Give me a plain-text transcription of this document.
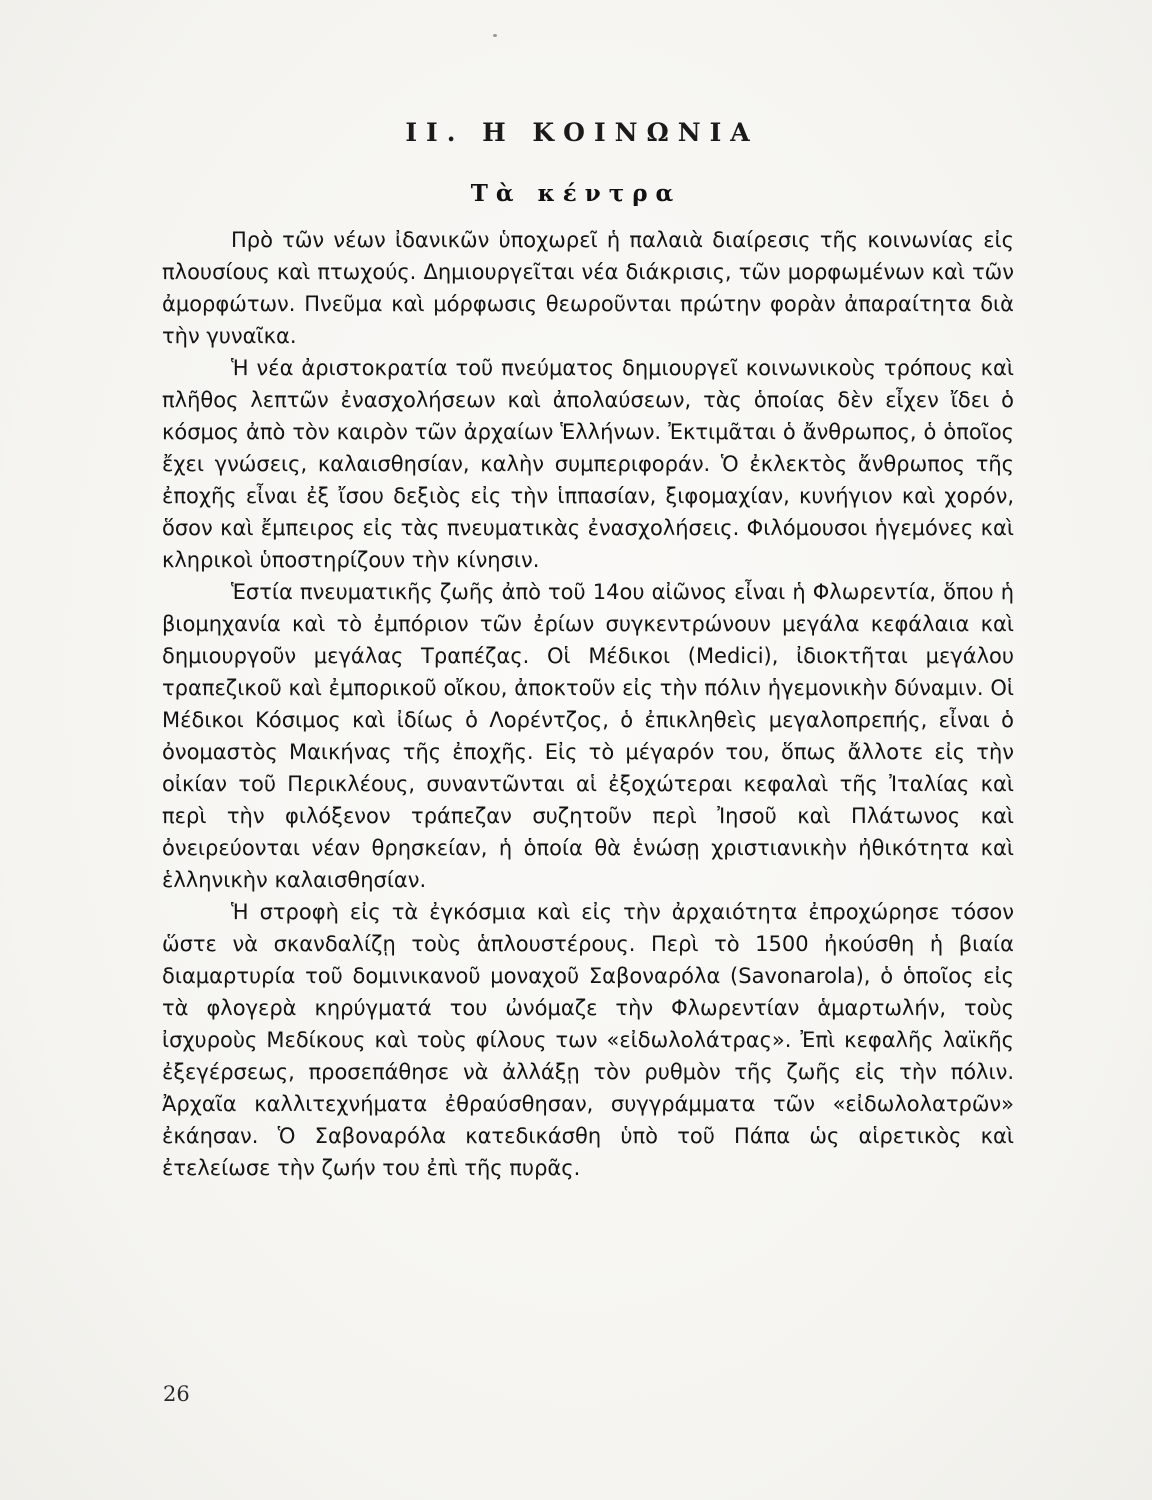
II. Η ΚΟΙΝΩΝΙΑ
Τὰ κέντρα

Πρὸ τῶν νέων ἰδανικῶν ὑποχωρεῖ ἡ παλαιὰ διαίρεσις τῆς κοινωνίας εἰς πλουσίους καὶ πτωχούς. Δημιουργεῖται νέα διάκρισις, τῶν μορφωμένων καὶ τῶν ἀμορφώτων. Πνεῦμα καὶ μόρφωσις θεωροῦνται πρώτην φορὰν ἀπαραίτητα διὰ τὴν γυναῖκα.

Ἡ νέα ἀριστοκρατία τοῦ πνεύματος δημιουργεῖ κοινωνικοὺς τρόπους καὶ πλῆθος λεπτῶν ἐνασχολήσεων καὶ ἀπολαύσεων, τὰς ὁποίας δὲν εἶχεν ἴδει ὁ κόσμος ἀπὸ τὸν καιρὸν τῶν ἀρχαίων Ἑλλήνων. Ἐκτιμᾶται ὁ ἄνθρωπος, ὁ ὁποῖος ἔχει γνώσεις, καλαισθησίαν, καλὴν συμπεριφοράν. Ὁ ἐκλεκτὸς ἄνθρωπος τῆς ἐποχῆς εἶναι ἐξ ἴσου δεξιὸς εἰς τὴν ἱππασίαν, ξιφομαχίαν, κυνήγιον καὶ χορόν, ὅσον καὶ ἔμπειρος εἰς τὰς πνευματικὰς ἐνασχολήσεις. Φιλόμουσοι ἡγεμόνες καὶ κληρικοὶ ὑποστηρίζουν τὴν κίνησιν.

Ἑστία πνευματικῆς ζωῆς ἀπὸ τοῦ 14ου αἰῶνος εἶναι ἡ Φλωρεντία, ὅπου ἡ βιομηχανία καὶ τὸ ἐμπόριον τῶν ἐρίων συγκεντρώνουν μεγάλα κεφάλαια καὶ δημιουργοῦν μεγάλας Τραπέζας. Οἱ Μέδικοι (Medici), ἰδιοκτῆται μεγάλου τραπεζικοῦ καὶ ἐμπορικοῦ οἴκου, ἀποκτοῦν εἰς τὴν πόλιν ἡγεμονικὴν δύναμιν. Οἱ Μέδικοι Κόσιμος καὶ ἰδίως ὁ Λορέντζος, ὁ ἐπικληθεὶς μεγαλοπρεπής, εἶναι ὁ ὀνομαστὸς Μαικήνας τῆς ἐποχῆς. Εἰς τὸ μέγαρόν του, ὅπως ἄλλοτε εἰς τὴν οἰκίαν τοῦ Περικλέους, συναντῶνται αἱ ἐξοχώτεραι κεφαλαὶ τῆς Ἰταλίας καὶ περὶ τὴν φιλόξενον τράπεζαν συζητοῦν περὶ Ἰησοῦ καὶ Πλάτωνος καὶ ὀνειρεύονται νέαν θρησκείαν, ἡ ὁποία θὰ ἑνώσῃ χριστιανικὴν ἠθικότητα καὶ ἑλληνικὴν καλαισθησίαν.

Ἡ στροφὴ εἰς τὰ ἐγκόσμια καὶ εἰς τὴν ἀρχαιότητα ἐπροχώρησε τόσον ὥστε νὰ σκανδαλίζῃ τοὺς ἁπλουστέρους. Περὶ τὸ 1500 ἠκούσθη ἡ βιαία διαμαρτυρία τοῦ δομινικανοῦ μοναχοῦ Σαβοναρόλα (Savonarola), ὁ ὁποῖος εἰς τὰ φλογερὰ κηρύγματά του ὠνόμαζε τὴν Φλωρεντίαν ἁμαρτωλήν, τοὺς ἰσχυροὺς Μεδίκους καὶ τοὺς φίλους των «εἰδωλολάτρας». Ἐπὶ κεφαλῆς λαϊκῆς ἐξεγέρσεως, προσεπάθησε νὰ ἀλλάξῃ τὸν ρυθμὸν τῆς ζωῆς εἰς τὴν πόλιν. Ἀρχαῖα καλλιτεχνήματα ἐθραύσθησαν, συγγράμματα τῶν «εἰδωλολατρῶν» ἐκάησαν. Ὁ Σαβοναρόλα κατεδικάσθη ὑπὸ τοῦ Πάπα ὡς αἱρετικὸς καὶ ἐτελείωσε τὴν ζωήν του ἐπὶ τῆς πυρᾶς.

26
